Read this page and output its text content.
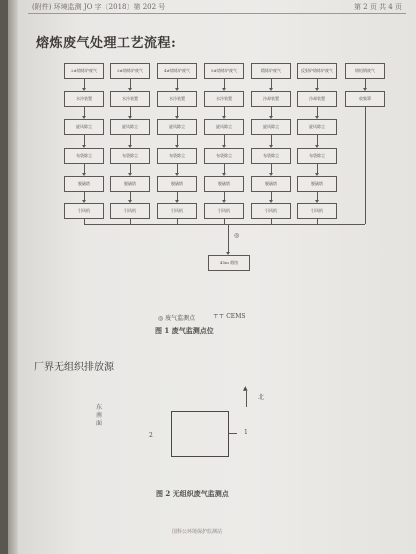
(附件) 环境监测 JO 字〔2018〕第 202 号	第 2 页 共 4 页
熔炼废气处理工艺流程:
2#熔炼炉废气
水冷装置
旋风除尘
布袋除尘
脱硫塔
引风机
3#熔炼炉废气
水冷装置
旋风除尘
布袋除尘
脱硫塔
引风机
4#熔炼炉废气
水冷装置
旋风除尘
布袋除尘
脱硫塔
引风机
5#熔炼炉废气
水冷装置
旋风除尘
布袋除尘
脱硫塔
引风机
精炼炉废气
冷却装置
旋风除尘
布袋除尘
脱硫塔
引风机
反射炉熔炼炉废气
冷却装置
旋风除尘
布袋除尘
脱硫塔
引风机
熔铅锅废气
收集罩
◎
45m 烟囱
◎ 废气监测点	⊤⊤ CEMS
图 1 废气监测点位
厂界无组织排放源
东南面
2	1
▲
北
图 2 无组织废气监测点
国科公环境保护监测站
